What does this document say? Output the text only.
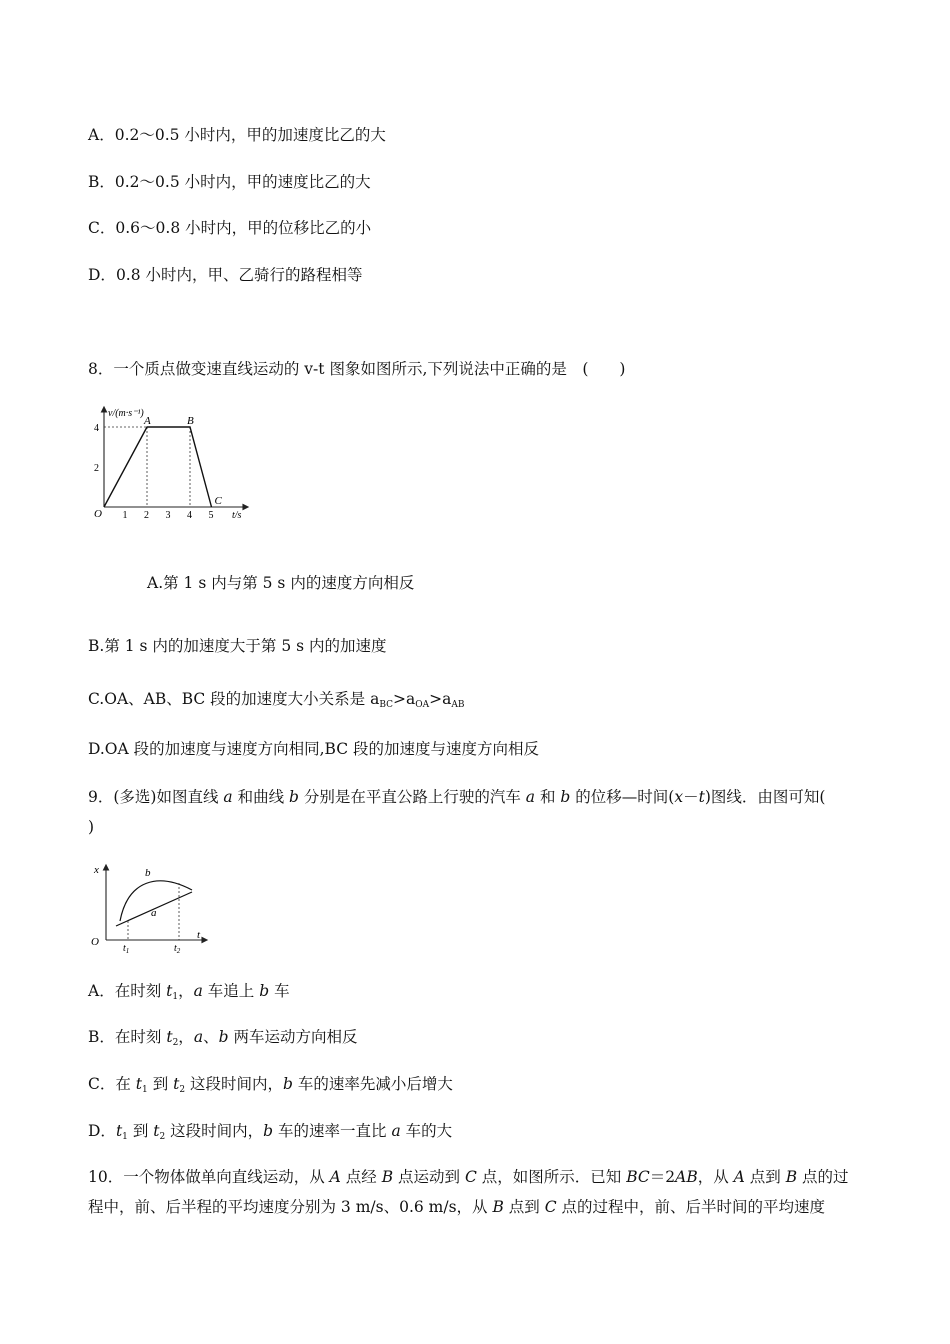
A．0.2～0.5 小时内，甲的加速度比乙的大
B．0.2～0.5 小时内，甲的速度比乙的大
C．0.6～0.8 小时内，甲的位移比乙的小
D．0.8 小时内，甲、乙骑行的路程相等
8．一个质点做变速直线运动的 v-t 图象如图所示,下列说法中正确的是　(　　)
v/(m·s⁻¹)
O	t/s
1 2 3 4 5
4
2
A	B
C
A.第 1 s 内与第 5 s 内的速度方向相反
B.第 1 s 内的加速度大于第 5 s 内的加速度
C.OA、AB、BC 段的加速度大小关系是 $a_{BC}>a_{OA}>a_{AB}$
D.OA 段的加速度与速度方向相同,BC 段的加速度与速度方向相反
9．(多选)如图直线 a 和曲线 b 分别是在平直公路上行驶的汽车 a 和 b 的位移—时间(x－t)图线．由图可知(
)
x
O
t
b
a
$t_1$	$t_2$
A．在时刻 $t_1$，a 车追上 b 车
B．在时刻 $t_2$，a、b 两车运动方向相反
C．在 $t_1$ 到 $t_2$ 这段时间内，b 车的速率先减小后增大
D．$t_1$ 到 $t_2$ 这段时间内，b 车的速率一直比 a 车的大
10．一个物体做单向直线运动，从 A 点经 B 点运动到 C 点，如图所示．已知 BC＝2AB，从 A 点到 B 点的过
程中，前、后半程的平均速度分别为 3 m/s、0.6 m/s，从 B 点到 C 点的过程中，前、后半时间的平均速度
